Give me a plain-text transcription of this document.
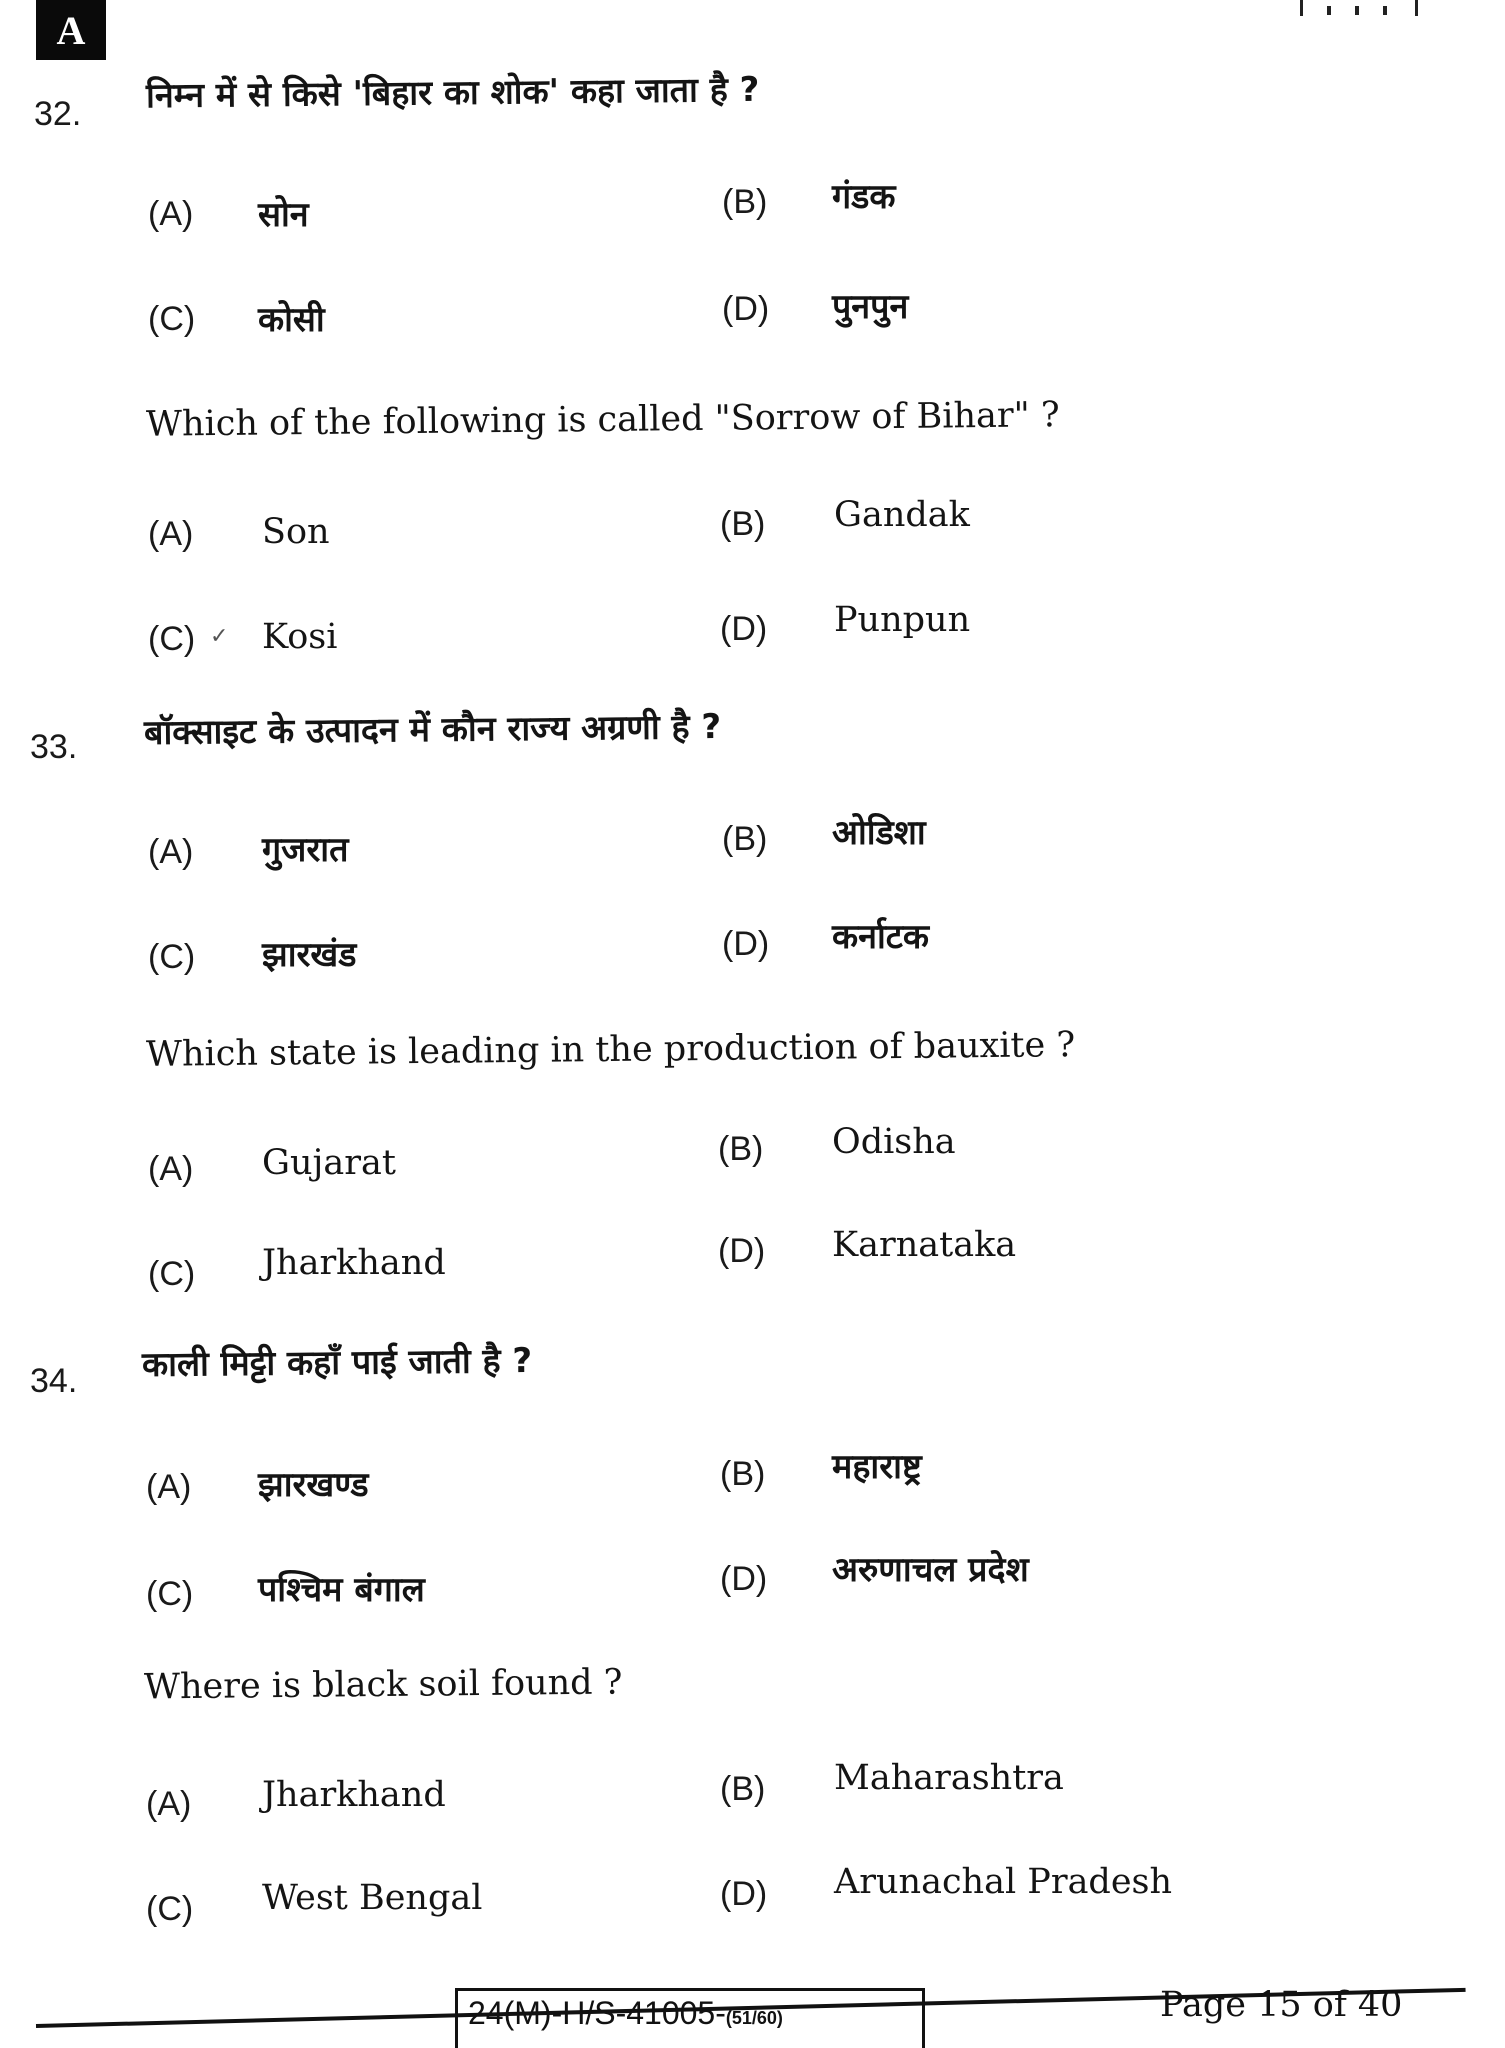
A
32. निम्न में से किसे 'बिहार का शोक' कहा जाता है ?
(A) सोन	(B) गंडक
(C) कोसी	(D) पुनपुन
Which of the following is called "Sorrow of Bihar" ?
(A) Son	(B) Gandak
(C) ✓ Kosi	(D) Punpun
33. बॉक्साइट के उत्पादन में कौन राज्य अग्रणी है ?
(A) गुजरात	(B) ओडिशा
(C) झारखंड	(D) कर्नाटक
Which state is leading in the production of bauxite ?
(A) Gujarat	(B) Odisha
(C) Jharkhand	(D) Karnataka
34. काली मिट्टी कहाँ पाई जाती है ?
(A) झारखण्ड	(B) महाराष्ट्र
(C) पश्चिम बंगाल	(D) अरुणाचल प्रदेश
Where is black soil found ?
(A) Jharkhand	(B) Maharashtra
(C) West Bengal	(D) Arunachal Pradesh
24(M)-H/S-41005-(51/60)	Page 15 of 40
